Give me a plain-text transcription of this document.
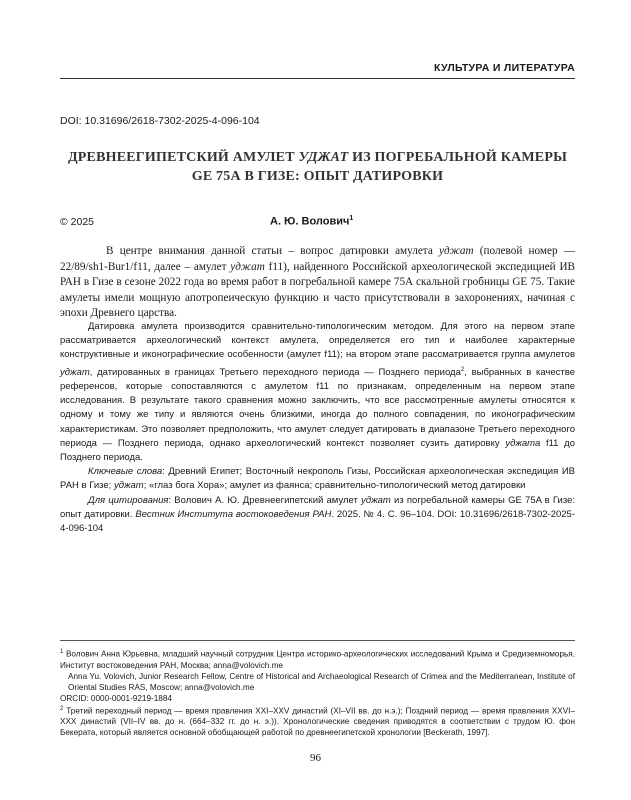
КУЛЬТУРА И ЛИТЕРАТУРА
DOI: 10.31696/2618-7302-2025-4-096-104
ДРЕВНЕЕГИПЕТСКИЙ АМУЛЕТ УДЖАТ ИЗ ПОГРЕБАЛЬНОЙ КАМЕРЫ
GE 75А В ГИЗЕ: ОПЫТ ДАТИРОВКИ
© 2025	А. Ю. Волович$^1$

В центре внимания данной статьи – вопрос датировки амулета уджат (полевой номер — 22/89/sh1-Bur1/f11, далее – амулет уджат f11), найденного Российской археологической экспедицией ИВ РАН в Гизе в сезоне 2022 года во время работ в погребальной камере 75А скальной гробницы GE 75. Такие амулеты имели мощную апотропеическую функцию и часто присутствовали в захоронениях, начиная с эпохи Древнего царства.

Датировка амулета производится сравнительно-типологическим методом. Для этого на первом этапе рассматривается археологический контекст амулета, определяется его тип и наиболее характерные конструктивные и иконографические особенности (амулет f11); на втором этапе рассматривается группа амулетов уджат, датированных в границах Третьего переходного периода — Позднего периода$^2$, выбранных в качестве референсов, которые сопоставляются с амулетом f11 по признакам, определенным на первом этапе исследования. В результате такого сравнения можно заключить, что все рассмотренные амулеты относятся к одному и тому же типу и являются очень близкими, иногда до полного совпадения, по иконографическим характеристикам. Это позволяет предположить, что амулет следует датировать в диапазоне Третьего переходного периода — Позднего периода, однако археологический контекст позволяет сузить датировку уджата f11 до Позднего периода.

Ключевые слова: Древний Египет; Восточный некрополь Гизы, Российская археологическая экспедиция ИВ РАН в Гизе; уджат; «глаз бога Хора»; амулет из фаянса; сравнительно-типологический метод датировки

Для цитирования: Волович А. Ю. Древнеегипетский амулет уджат из погребальной камеры GE 75A в Гизе: опыт датировки. Вестник Института востоковедения РАН. 2025. № 4. С. 96–104. DOI: 10.31696/2618-7302-2025-4-096-104

$^1$ Волович Анна Юрьевна, младший научный сотрудник Центра историко-археологических исследований Крыма и Средиземноморья, Институт востоковедения РАН, Москва; anna@volovich.me

Anna Yu. Volovich, Junior Research Fellow, Centre of Historical and Archaeological Research of Crimea and the Mediterranean, Institute of Oriental Studies RAS, Moscow; anna@volovich.me

ORCID: 0000-0001-9219-1884

$^2$ Третий переходный период — время правления XXI–XXV династий (XI–VII вв. до н.э.); Поздний период — время правления XXVI–XXX династий (VII–IV вв. до н. (664–332 гг. до н. э.)). Хронологические сведения приводятся в соответствии с трудом Ю. фон Бекерата, который является основной обобщающей работой по древнеегипетской хронологии [Beckerath, 1997].

96
